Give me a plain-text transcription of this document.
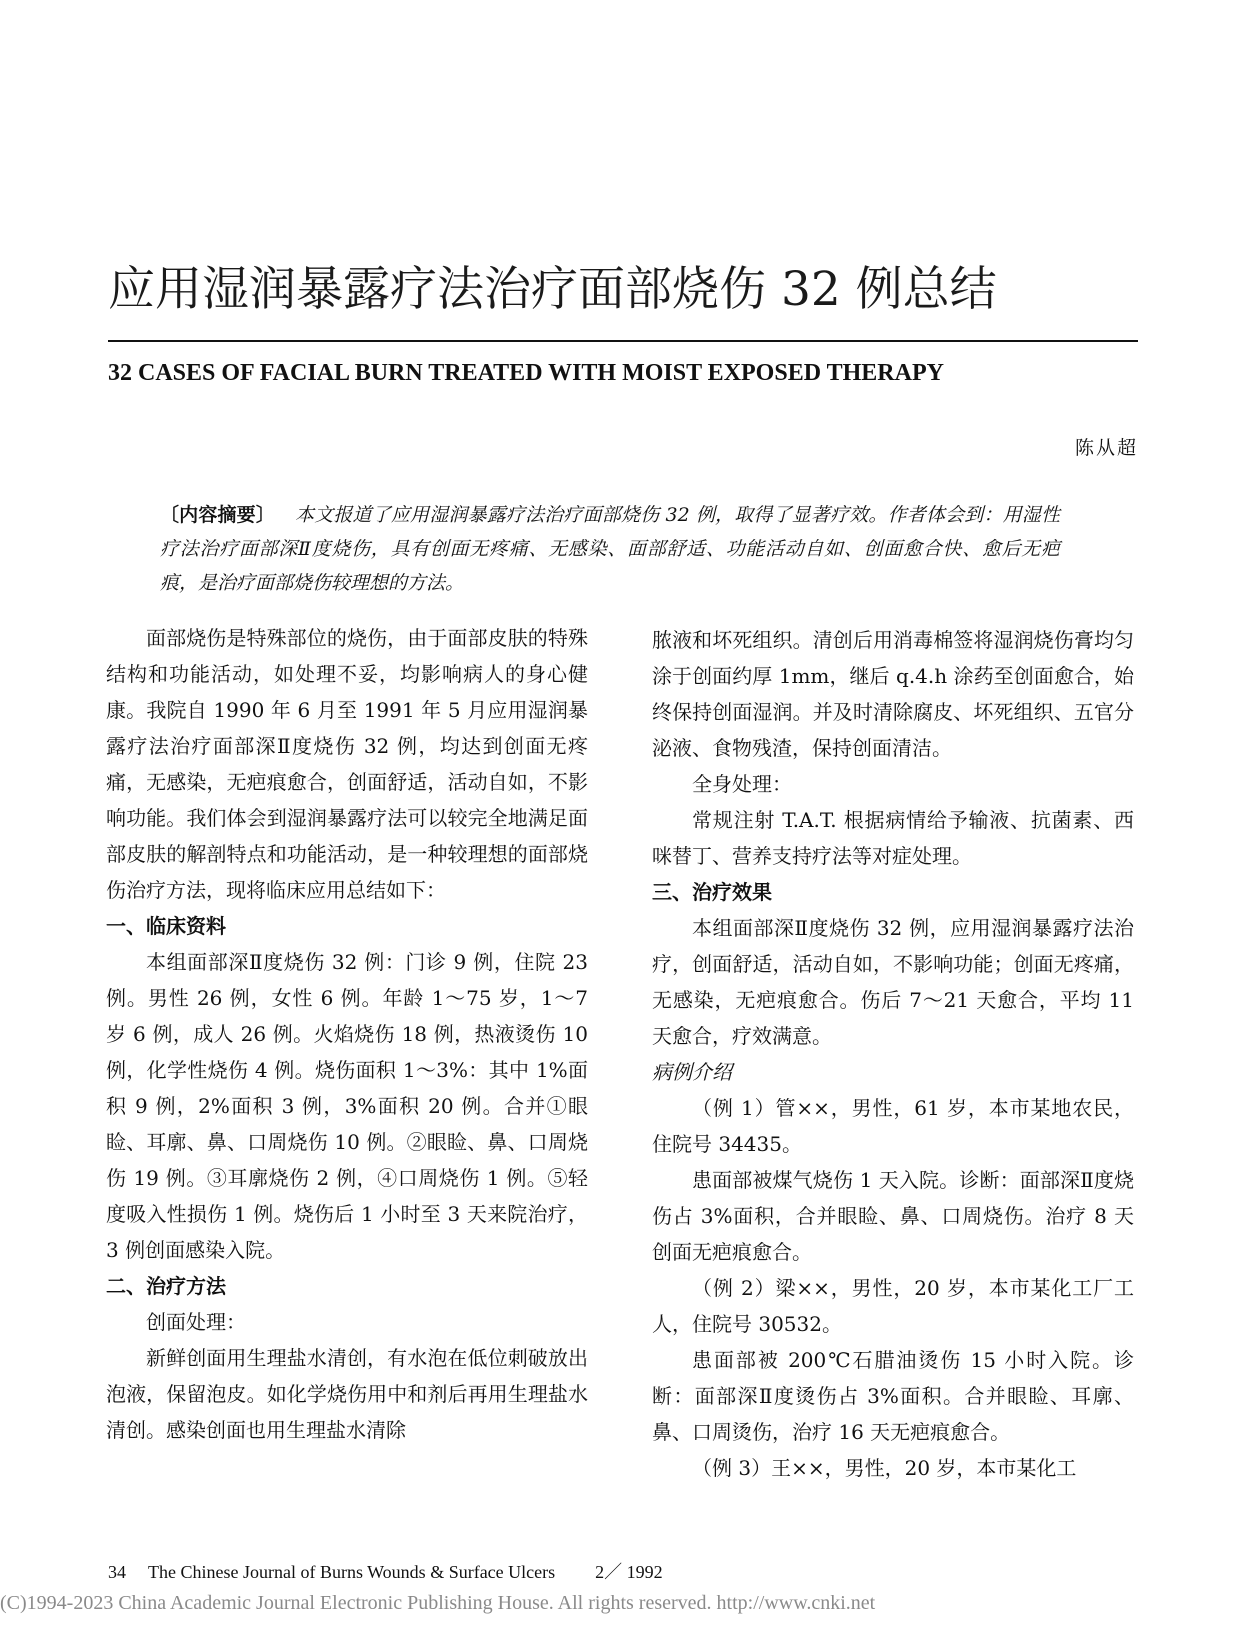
应用湿润暴露疗法治疗面部烧伤 32 例总结
32 CASES OF FACIAL BURN TREATED WITH MOIST EXPOSED THERAPY
陈从超
〔内容摘要〕 本文报道了应用湿润暴露疗法治疗面部烧伤 32 例，取得了显著疗效。作者体会到：用湿性疗法治疗面部深Ⅱ度烧伤，具有创面无疼痛、无感染、面部舒适、功能活动自如、创面愈合快、愈后无疤痕，是治疗面部烧伤较理想的方法。

面部烧伤是特殊部位的烧伤，由于面部皮肤的特殊结构和功能活动，如处理不妥，均影响病人的身心健康。我院自 1990 年 6 月至 1991 年 5 月应用湿润暴露疗法治疗面部深Ⅱ度烧伤 32 例，均达到创面无疼痛，无感染，无疤痕愈合，创面舒适，活动自如，不影响功能。我们体会到湿润暴露疗法可以较完全地满足面部皮肤的解剖特点和功能活动，是一种较理想的面部烧伤治疗方法，现将临床应用总结如下：

一、临床资料

本组面部深Ⅱ度烧伤 32 例：门诊 9 例，住院 23 例。男性 26 例，女性 6 例。年龄 1～75 岁，1～7 岁 6 例，成人 26 例。火焰烧伤 18 例，热液烫伤 10 例，化学性烧伤 4 例。烧伤面积 1～3%：其中 1%面积 9 例，2%面积 3 例，3%面积 20 例。合并①眼睑、耳廓、鼻、口周烧伤 10 例。②眼睑、鼻、口周烧伤 19 例。③耳廓烧伤 2 例，④口周烧伤 1 例。⑤轻度吸入性损伤 1 例。烧伤后 1 小时至 3 天来院治疗，3 例创面感染入院。

二、治疗方法

创面处理：

新鲜创面用生理盐水清创，有水泡在低位刺破放出泡液，保留泡皮。如化学烧伤用中和剂后再用生理盐水清创。感染创面也用生理盐水清除

脓液和坏死组织。清创后用消毒棉签将湿润烧伤膏均匀涂于创面约厚 1mm，继后 q.4.h 涂药至创面愈合，始终保持创面湿润。并及时清除腐皮、坏死组织、五官分泌液、食物残渣，保持创面清洁。

全身处理：

常规注射 T.A.T. 根据病情给予输液、抗菌素、西咪替丁、营养支持疗法等对症处理。

三、治疗效果

本组面部深Ⅱ度烧伤 32 例，应用湿润暴露疗法治疗，创面舒适，活动自如，不影响功能；创面无疼痛，无感染，无疤痕愈合。伤后 7～21 天愈合，平均 11 天愈合，疗效满意。

病例介绍

（例 1）管××，男性，61 岁，本市某地农民，住院号 34435。

患面部被煤气烧伤 1 天入院。诊断：面部深Ⅱ度烧伤占 3%面积，合并眼睑、鼻、口周烧伤。治疗 8 天创面无疤痕愈合。

（例 2）梁××，男性，20 岁，本市某化工厂工人，住院号 30532。

患面部被 200℃石腊油烫伤 15 小时入院。诊断：面部深Ⅱ度烫伤占 3%面积。合并眼睑、耳廓、鼻、口周烫伤，治疗 16 天无疤痕愈合。

（例 3）王××，男性，20 岁，本市某化工

34 The Chinese Journal of Burns Wounds & Surface Ulcers 2／ 1992
(C)1994-2023 China Academic Journal Electronic Publishing House. All rights reserved. http://www.cnki.net
